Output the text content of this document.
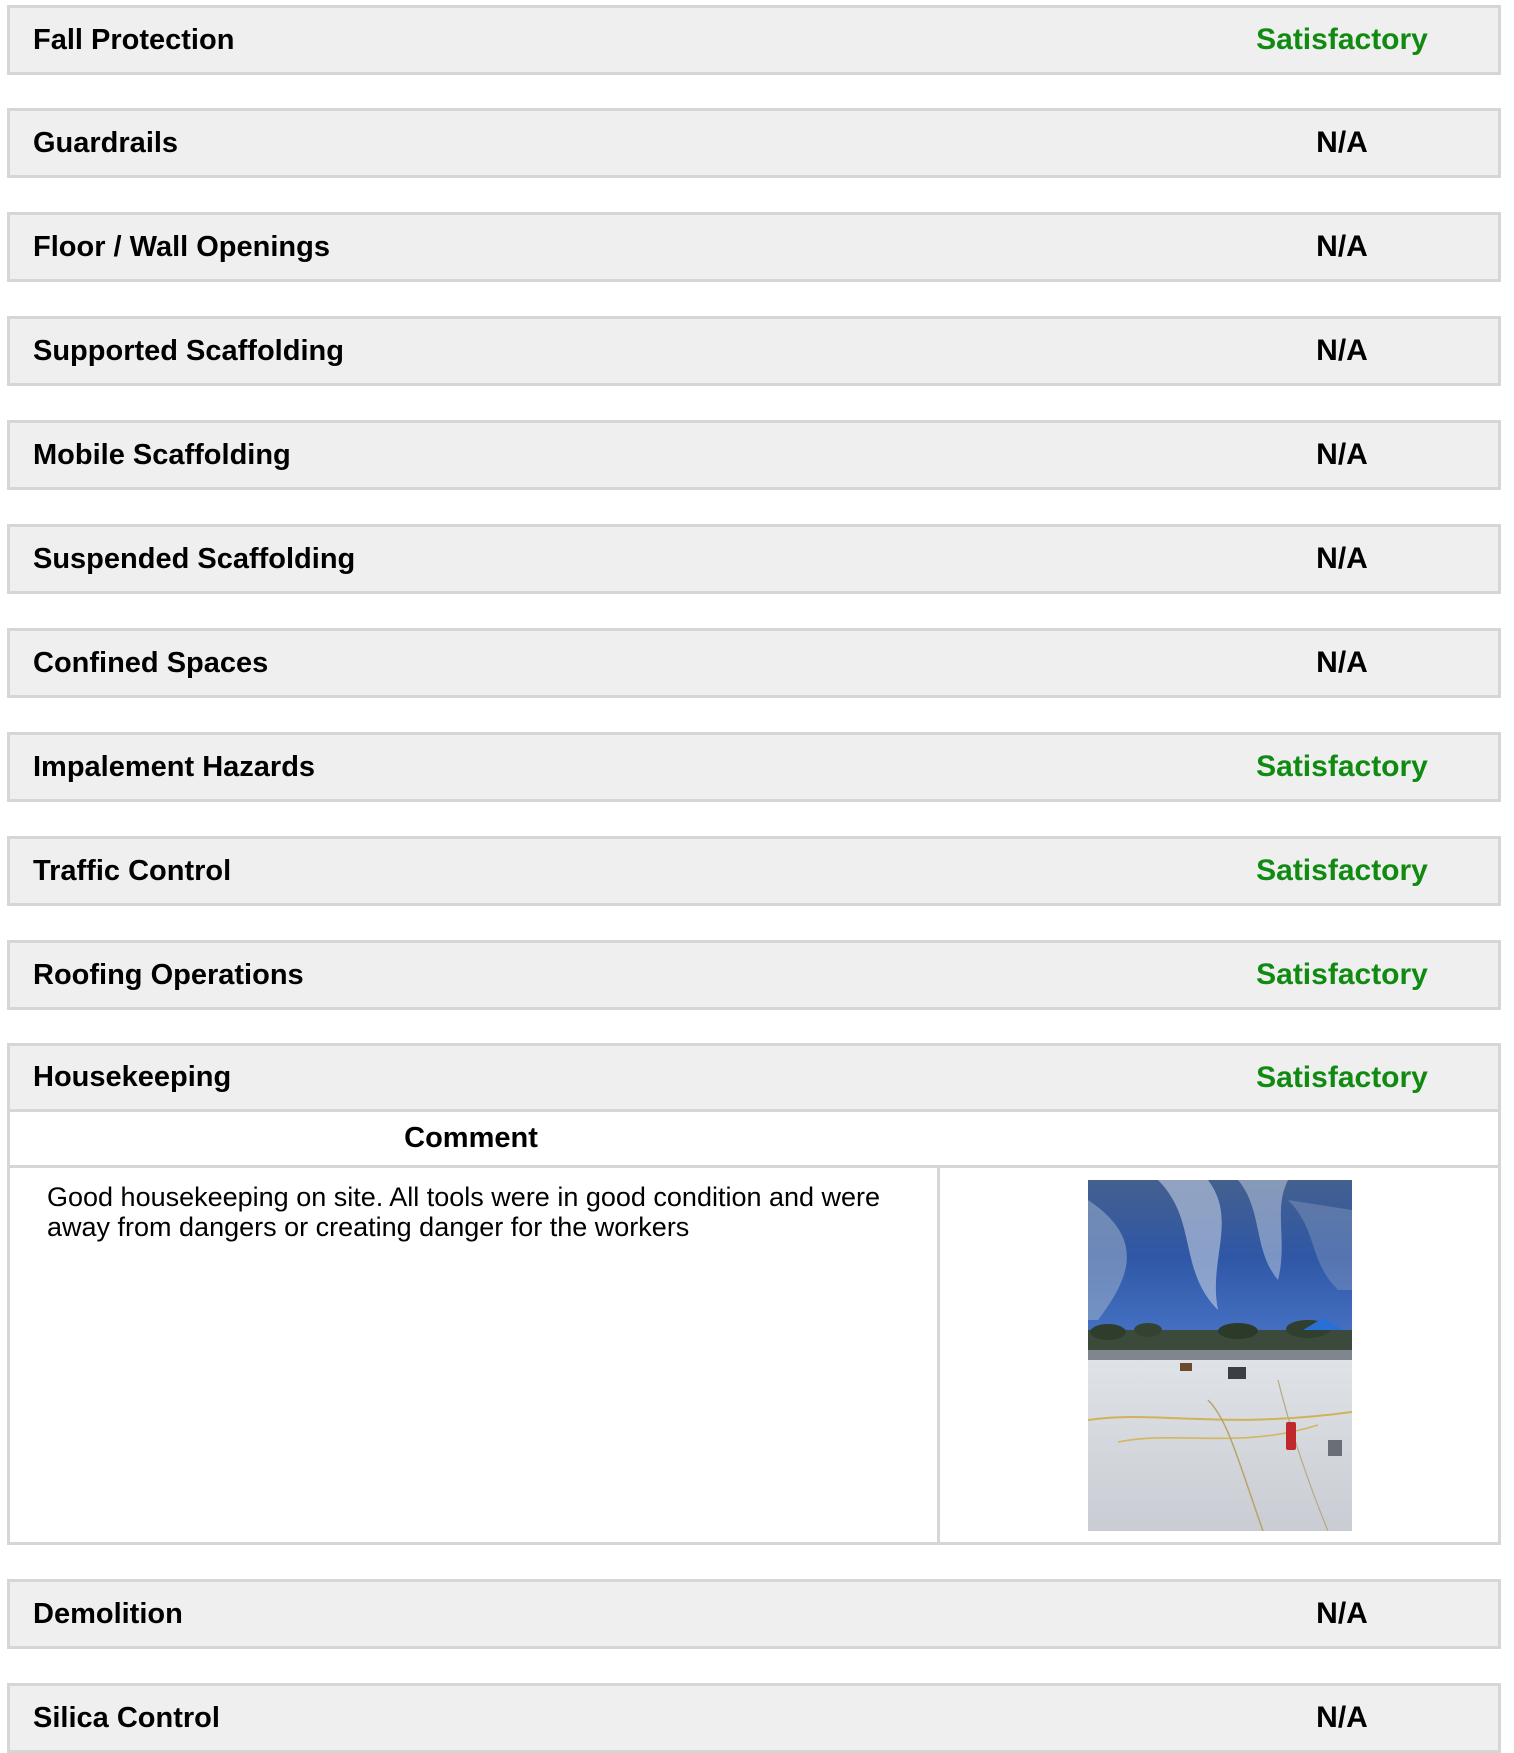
Fall Protection	Satisfactory
Guardrails	N/A
Floor / Wall Openings	N/A
Supported Scaffolding	N/A
Mobile Scaffolding	N/A
Suspended Scaffolding	N/A
Confined Spaces	N/A
Impalement Hazards	Satisfactory
Traffic Control	Satisfactory
Roofing Operations	Satisfactory
Housekeeping	Satisfactory
Comment
Good housekeeping on site. All tools were in good condition and were away from dangers or creating danger for the workers
Demolition	N/A
Silica Control	N/A
